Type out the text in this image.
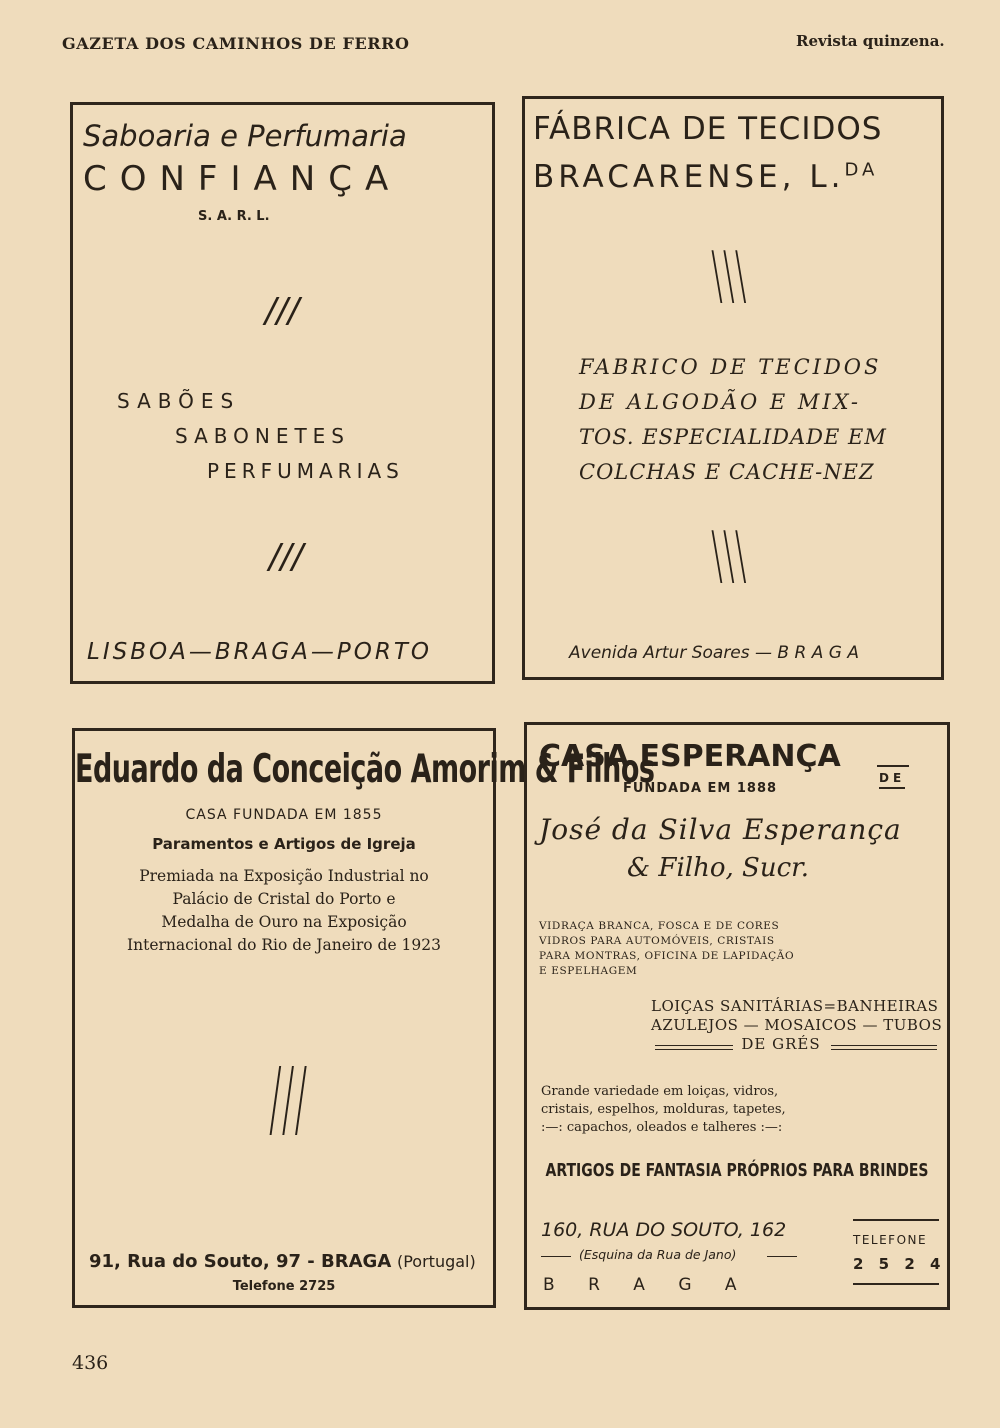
GAZETA DOS CAMINHOS DE FERRO	Revista quinzena.
Saboaria e Perfumaria
CONFIANÇA
S. A. R. L.
///
SABÕES
SABONETES
PERFUMARIAS
///
LISBOA—BRAGA—PORTO
FÁBRICA DE TECIDOS
BRACARENSE, L.$^{DA}$
\\\
FABRICO DE TECIDOS
DE ALGODÃO E MIX-
TOS. ESPECIALIDADE EM
COLCHAS E CACHE-NEZ
\\\
Avenida Artur Soares — B R A G A
Eduardo da Conceição Amorim & Filhos
CASA FUNDADA EM 1855
Paramentos e Artigos de Igreja
Premiada na Exposição Industrial no
Palácio de Cristal do Porto e
Medalha de Ouro na Exposição
Internacional do Rio de Janeiro de 1923
///
91, Rua do Souto, 97 - BRAGA (Portugal)
Telefone 2725
CASA ESPERANÇA
DE
FUNDADA EM 1888
José da Silva Esperança
& Filho, Sucr.
VIDRAÇA BRANCA, FOSCA E DE CORES
VIDROS PARA AUTOMÓVEIS, CRISTAIS
PARA MONTRAS, OFICINA DE LAPIDAÇÃO
E ESPELHAGEM
LOIÇAS SANITÁRIAS=BANHEIRAS
AZULEJOS — MOSAICOS — TUBOS
DE GRÉS
Grande variedade em loiças, vidros,
cristais, espelhos, molduras, tapetes,
:—: capachos, oleados e talheres :—:
ARTIGOS DE FANTASIA PRÓPRIOS PARA BRINDES
160, RUA DO SOUTO, 162
(Esquina da Rua de Jano)
B R A G A
TELEFONE
2 5 2 4
436
